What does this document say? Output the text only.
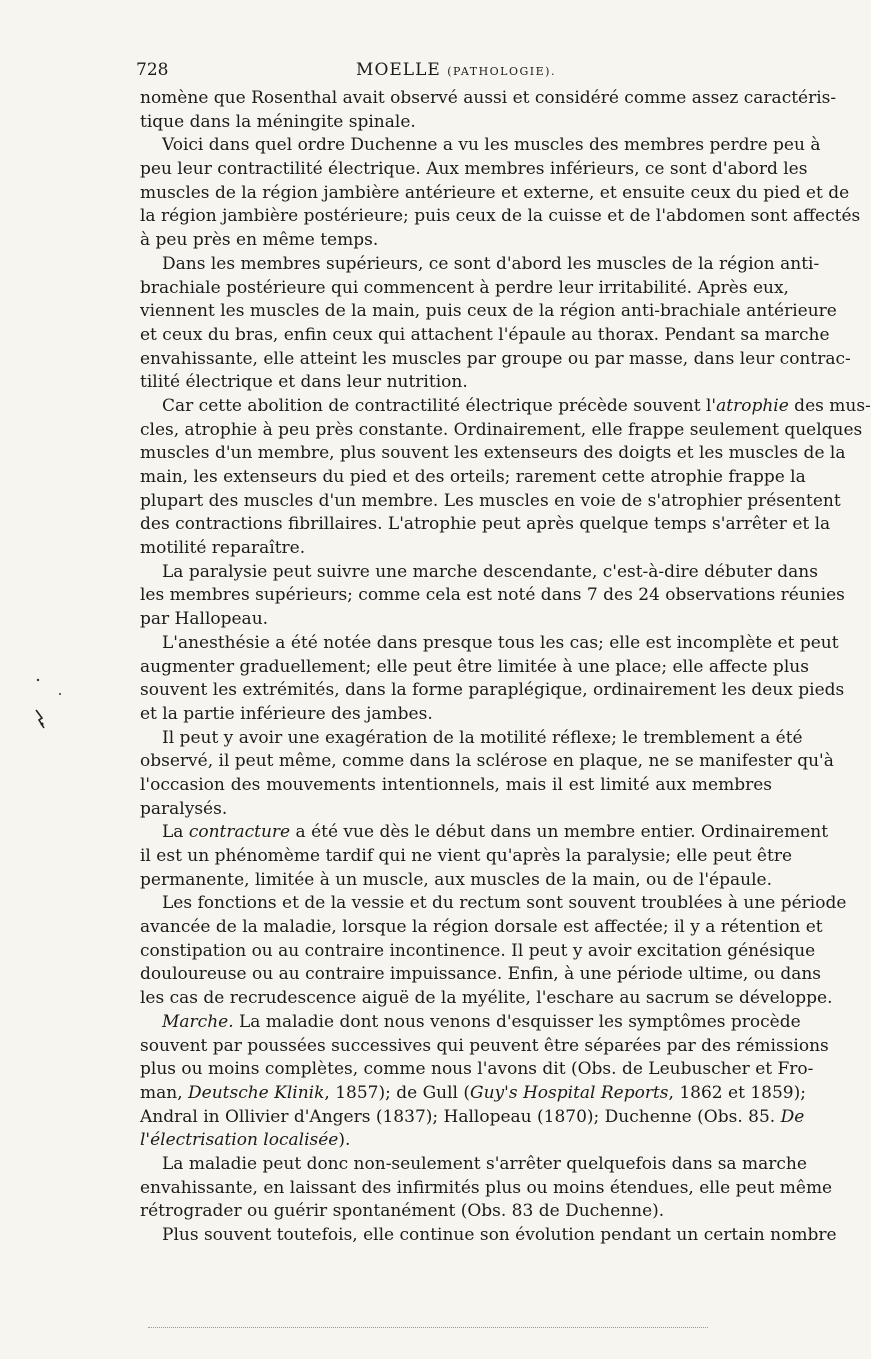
728	MOELLE (PATHOLOGIE).
nomène que Rosenthal avait observé aussi et considéré comme assez caractéris-
tique dans la méningite spinale.
Voici dans quel ordre Duchenne a vu les muscles des membres perdre peu à
peu leur contractilité électrique. Aux membres inférieurs, ce sont d'abord les
muscles de la région jambière antérieure et externe, et ensuite ceux du pied et de
la région jambière postérieure; puis ceux de la cuisse et de l'abdomen sont affectés
à peu près en même temps.
Dans les membres supérieurs, ce sont d'abord les muscles de la région anti-
brachiale postérieure qui commencent à perdre leur irritabilité. Après eux,
viennent les muscles de la main, puis ceux de la région anti-brachiale antérieure
et ceux du bras, enfin ceux qui attachent l'épaule au thorax. Pendant sa marche
envahissante, elle atteint les muscles par groupe ou par masse, dans leur contrac-
tilité électrique et dans leur nutrition.
Car cette abolition de contractilité électrique précède souvent l'atrophie des mus-
cles, atrophie à peu près constante. Ordinairement, elle frappe seulement quelques
muscles d'un membre, plus souvent les extenseurs des doigts et les muscles de la
main, les extenseurs du pied et des orteils; rarement cette atrophie frappe la
plupart des muscles d'un membre. Les muscles en voie de s'atrophier présentent
des contractions fibrillaires. L'atrophie peut après quelque temps s'arrêter et la
motilité reparaître.
La paralysie peut suivre une marche descendante, c'est-à-dire débuter dans
les membres supérieurs; comme cela est noté dans 7 des 24 observations réunies
par Hallopeau.
L'anesthésie a été notée dans presque tous les cas; elle est incomplète et peut
augmenter graduellement; elle peut être limitée à une place; elle affecte plus
souvent les extrémités, dans la forme paraplégique, ordinairement les deux pieds
et la partie inférieure des jambes.
Il peut y avoir une exagération de la motilité réflexe; le tremblement a été
observé, il peut même, comme dans la sclérose en plaque, ne se manifester qu'à
l'occasion des mouvements intentionnels, mais il est limité aux membres
paralysés.
La contracture a été vue dès le début dans un membre entier. Ordinairement
il est un phénomème tardif qui ne vient qu'après la paralysie; elle peut être
permanente, limitée à un muscle, aux muscles de la main, ou de l'épaule.
Les fonctions et de la vessie et du rectum sont souvent troublées à une période
avancée de la maladie, lorsque la région dorsale est affectée; il y a rétention et
constipation ou au contraire incontinence. Il peut y avoir excitation génésique
douloureuse ou au contraire impuissance. Enfin, à une période ultime, ou dans
les cas de recrudescence aiguë de la myélite, l'eschare au sacrum se développe.
Marche. La maladie dont nous venons d'esquisser les symptômes procède
souvent par poussées successives qui peuvent être séparées par des rémissions
plus ou moins complètes, comme nous l'avons dit (Obs. de Leubuscher et Fro-
man, Deutsche Klinik, 1857); de Gull (Guy's Hospital Reports, 1862 et 1859);
Andral in Ollivier d'Angers (1837); Hallopeau (1870); Duchenne (Obs. 85. De
l'électrisation localisée).
La maladie peut donc non-seulement s'arrêter quelquefois dans sa marche
envahissante, en laissant des infirmités plus ou moins étendues, elle peut même
rétrograder ou guérir spontanément (Obs. 83 de Duchenne).
Plus souvent toutefois, elle continue son évolution pendant un certain nombre
